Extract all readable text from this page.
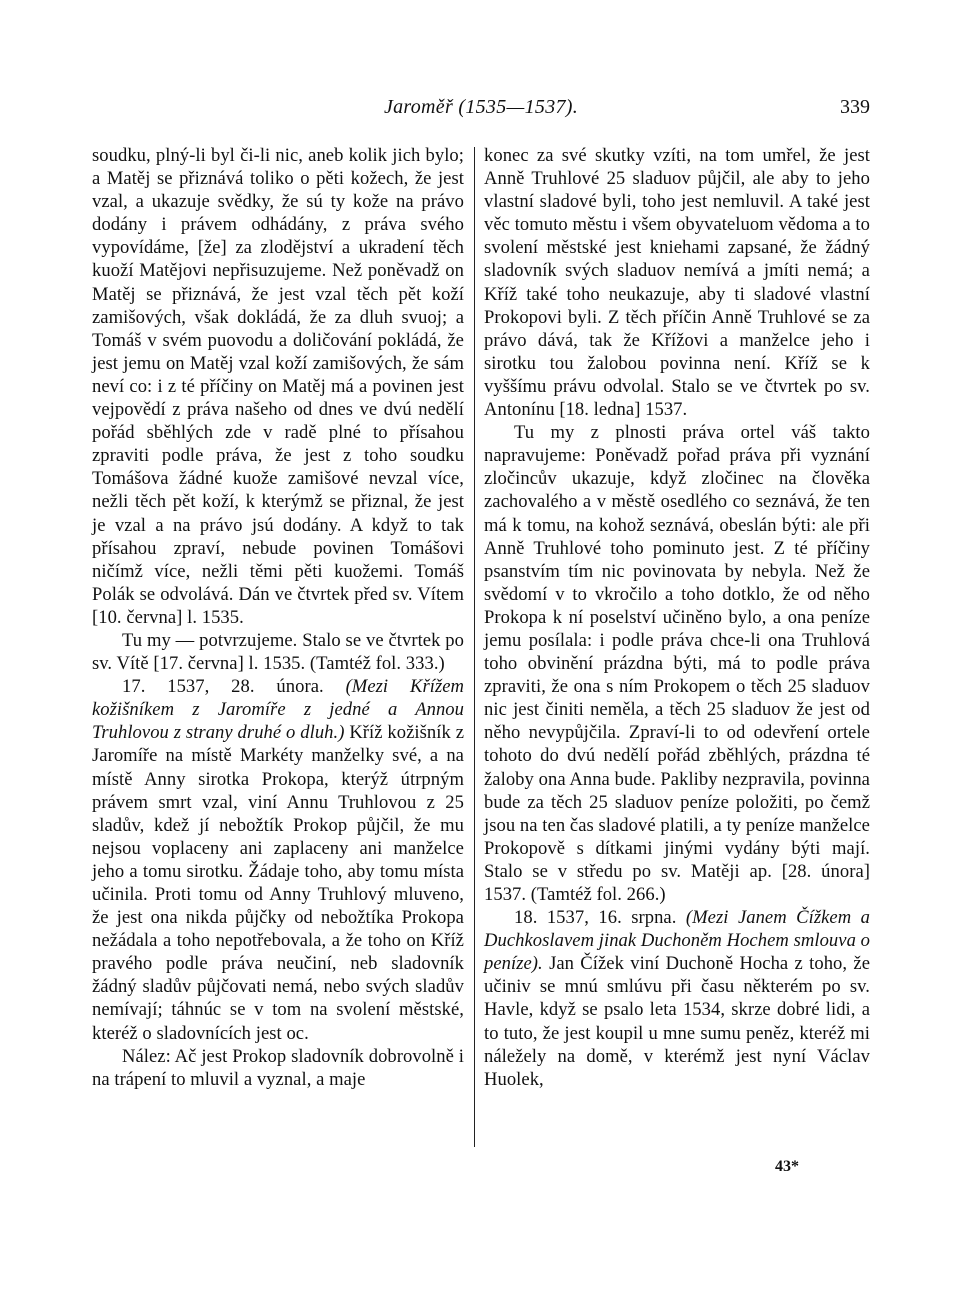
Jaroměř (1535—1537).	339

soudku, plný-li byl či-li nic, aneb kolik jich bylo; a Matěj se přiznává toliko o pěti kožech, že jest vzal, a ukazuje svědky, že sú ty kože na právo dodány i právem odhádány, z práva svého vypovídáme, [že] za zlodějství a ukradení těch kuoží Matějovi nepřisuzujeme. Než poněvadž on Matěj se přiznává, že jest vzal těch pět koží zamišových, však dokládá, že za dluh svuoj; a Tomáš v svém puovodu a doličování pokládá, že jest jemu on Matěj vzal koží zamišových, že sám neví co: i z té příčiny on Matěj má a povinen jest vejpovědí z práva našeho od dnes ve dvú nedělí pořád sběhlých zde v radě plné to přísahou zpraviti podle práva, že jest z toho soudku Tomášova žádné kuože zamišové nevzal více, nežli těch pět koží, k kterýmž se přiznal, že jest je vzal a na právo jsú dodány. A když to tak přísahou zpraví, nebude povinen Tomášovi ničímž více, nežli těmi pěti kuožemi. Tomáš Polák se odvolává. Dán ve čtvrtek před sv. Vítem [10. června] l. 1535.

Tu my — potvrzujeme. Stalo se ve čtvrtek po sv. Vítě [17. června] l. 1535. (Tamtéž fol. 333.)

17. 1537, 28. února. (Mezi Křížem kožišníkem z Jaromíře z jedné a Annou Truhlovou z strany druhé o dluh.) Kříž kožišník z Jaromíře na místě Markéty manželky své, a na místě Anny sirotka Prokopa, kterýž útrpným právem smrt vzal, viní Annu Truhlovou z 25 sladův, kdež jí nebožtík Prokop půjčil, že mu nejsou voplaceny ani zaplaceny ani manželce jeho a tomu sirotku. Žádaje toho, aby tomu místa učinila. Proti tomu od Anny Truhlový mluveno, že jest ona nikda půjčky od nebožtíka Prokopa nežádala a toho nepotřebovala, a že toho on Kříž pravého podle práva neučiní, neb sladovník žádný sladův půjčovati nemá, nebo svých sladův nemívají; táhnúc se v tom na svolení městské, kteréž o sladovnících jest oc.

Nález: Ač jest Prokop sladovník dobrovolně i na trápení to mluvil a vyznal, a maje

konec za své skutky vzíti, na tom umřel, že jest Anně Truhlové 25 sladuov půjčil, ale aby to jeho vlastní sladové byli, toho jest nemluvil. A také jest věc tomuto městu i všem obyvateluom vědoma a to svolení městské jest kniehami zapsané, že žádný sladovník svých sladuov nemívá a jmíti nemá; a Kříž také toho neukazuje, aby ti sladové vlastní Prokopovi byli. Z těch příčin Anně Truhlové se za právo dává, tak že Křížovi a manželce jeho i sirotku tou žalobou povinna není. Kříž se k vyššímu právu odvolal. Stalo se ve čtvrtek po sv. Antonínu [18. ledna] 1537.

Tu my z plnosti práva ortel váš takto napravujeme: Poněvadž pořad práva při vyznání zločincův ukazuje, když zločinec na člověka zachovalého a v městě osedlého co seznává, že ten má k tomu, na kohož seznává, obeslán býti: ale při Anně Truhlové toho pominuto jest. Z té příčiny psanstvím tím nic povinovata by nebyla. Než že svědomí v to vkročilo a toho dotklo, že od něho Prokopa k ní poselství učiněno bylo, a ona peníze jemu posílala: i podle práva chce-li ona Truhlová toho obvinění prázdna býti, má to podle práva zpraviti, že ona s ním Prokopem o těch 25 sladuov nic jest činiti neměla, a těch 25 sladuov že jest od něho nevypůjčila. Zpraví-li to od odevření ortele tohoto do dvú nedělí pořád zběhlých, prázdna té žaloby ona Anna bude. Pakliby nezpravila, povinna bude za těch 25 sladuov peníze položiti, po čemž jsou na ten čas sladové platili, a ty peníze manželce Prokopově s dítkami jinými vydány býti mají. Stalo se v středu po sv. Matěji ap. [28. února] 1537. (Tamtéž fol. 266.)

18. 1537, 16. srpna. (Mezi Janem Čížkem a Duchkoslavem jinak Duchoněm Hochem smlouva o peníze). Jan Čížek viní Duchoně Hocha z toho, že učiniv se mnú smlúvu při času některém po sv. Havle, když se psalo leta 1534, skrze dobré lidi, a to tuto, že jest koupil u mne sumu peněz, kteréž mi náležely na domě, v kterémž jest nyní Václav Huolek,

43*
